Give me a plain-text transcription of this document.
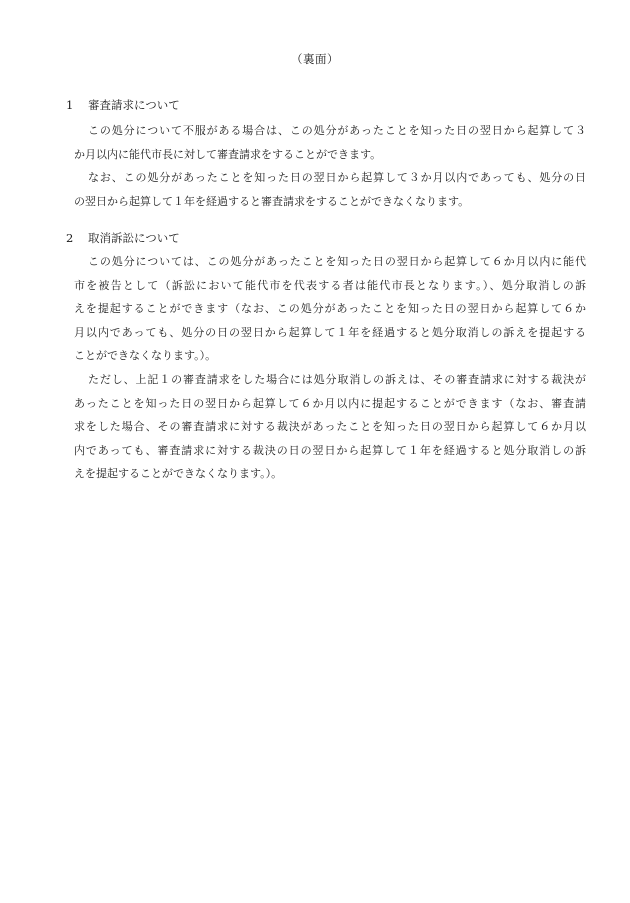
（裏面）
1 審査請求について
この処分について不服がある場合は、この処分があったことを知った日の翌日から起算して３
か月以内に能代市長に対して審査請求をすることができます。
なお、この処分があったことを知った日の翌日から起算して３か月以内であっても、処分の日
の翌日から起算して１年を経過すると審査請求をすることができなくなります。
2 取消訴訟について
この処分については、この処分があったことを知った日の翌日から起算して６か月以内に能代
市を被告として（訴訟において能代市を代表する者は能代市長となります。）、処分取消しの訴
えを提起することができます（なお、この処分があったことを知った日の翌日から起算して６か
月以内であっても、処分の日の翌日から起算して１年を経過すると処分取消しの訴えを提起する
ことができなくなります。）。
ただし、上記１の審査請求をした場合には処分取消しの訴えは、その審査請求に対する裁決が
あったことを知った日の翌日から起算して６か月以内に提起することができます（なお、審査請
求をした場合、その審査請求に対する裁決があったことを知った日の翌日から起算して６か月以
内であっても、審査請求に対する裁決の日の翌日から起算して１年を経過すると処分取消しの訴
えを提起することができなくなります。）。
